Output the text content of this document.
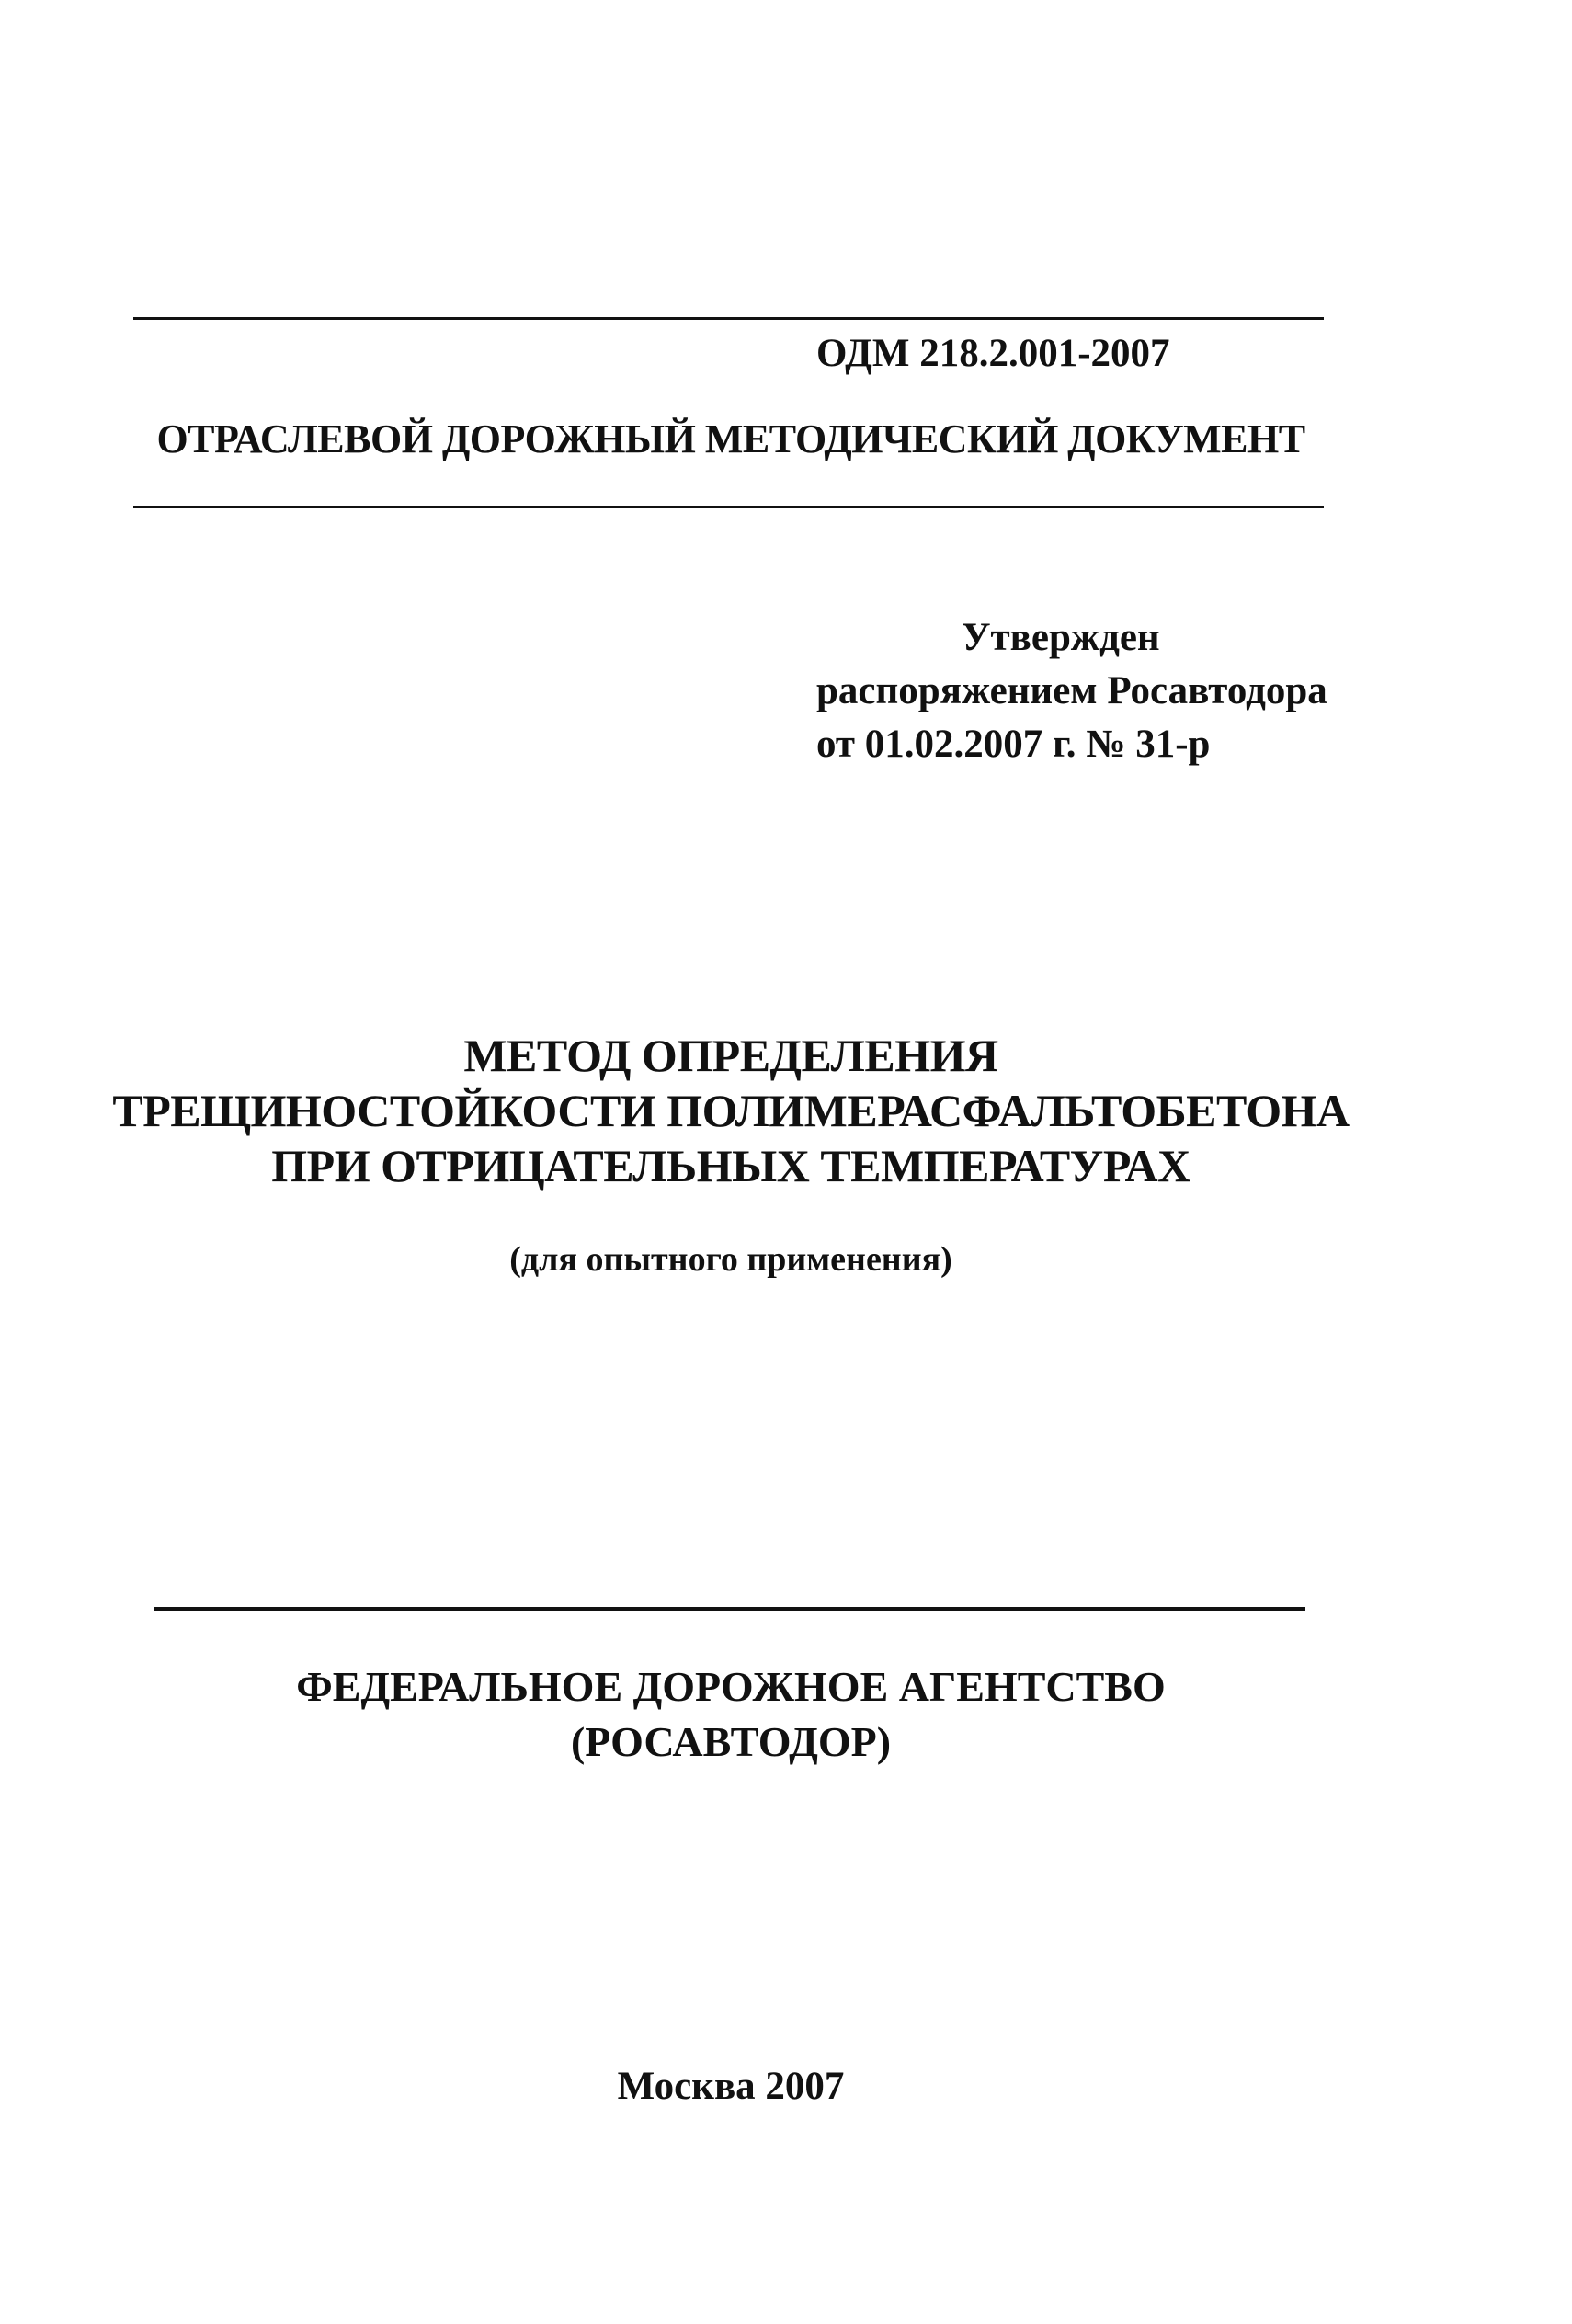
ОДМ 218.2.001-2007
ОТРАСЛЕВОЙ ДОРОЖНЫЙ МЕТОДИЧЕСКИЙ ДОКУМЕНТ
Утвержден
распоряжением Росавтодора
от 01.02.2007 г. № 31-р
МЕТОД ОПРЕДЕЛЕНИЯ
ТРЕЩИНОСТОЙКОСТИ ПОЛИМЕРАСФАЛЬТОБЕТОНА
ПРИ ОТРИЦАТЕЛЬНЫХ ТЕМПЕРАТУРАХ
(для опытного применения)
ФЕДЕРАЛЬНОЕ ДОРОЖНОЕ АГЕНТСТВО
(РОСАВТОДОР)
Москва 2007
